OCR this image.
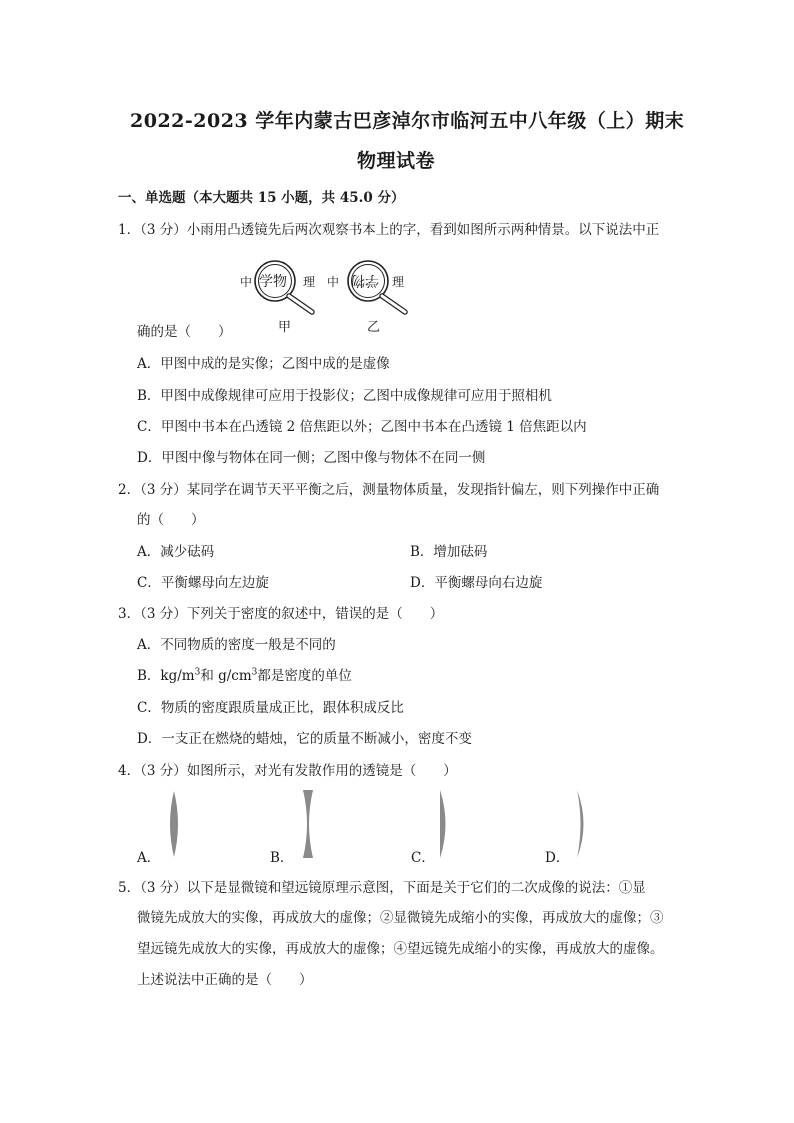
2022-2023 学年内蒙古巴彦淖尔市临河五中八年级（上）期末
物理试卷
一、单选题（本大题共 15 小题，共 45.0 分）
1．（3 分）小雨用凸透镜先后两次观察书本上的字，看到如图所示两种情景。以下说法中正
中 学物 理
甲
中 学物 理
乙
确的是（　　）
A．甲图中成的是实像；乙图中成的是虚像
B．甲图中成像规律可应用于投影仪；乙图中成像规律可应用于照相机
C．甲图中书本在凸透镜 2 倍焦距以外；乙图中书本在凸透镜 1 倍焦距以内
D．甲图中像与物体在同一侧；乙图中像与物体不在同一侧
2．（3 分）某同学在调节天平平衡之后，测量物体质量，发现指针偏左，则下列操作中正确
的（　　）
A．减少砝码	B．增加砝码
C．平衡螺母向左边旋	D．平衡螺母向右边旋
3．（3 分）下列关于密度的叙述中，错误的是（　　）
A．不同物质的密度一般是不同的
B．$kg/m^3$和 $g/cm^3$都是密度的单位
C．物质的密度跟质量成正比，跟体积成反比
D．一支正在燃烧的蜡烛，它的质量不断减小，密度不变
4．（3 分）如图所示，对光有发散作用的透镜是（　　）
A．	B．	C．	D．
5．（3 分）以下是显微镜和望远镜原理示意图，下面是关于它们的二次成像的说法：①显
微镜先成放大的实像，再成放大的虚像；②显微镜先成缩小的实像，再成放大的虚像；③
望远镜先成放大的实像，再成放大的虚像；④望远镜先成缩小的实像，再成放大的虚像。
上述说法中正确的是（　　）
